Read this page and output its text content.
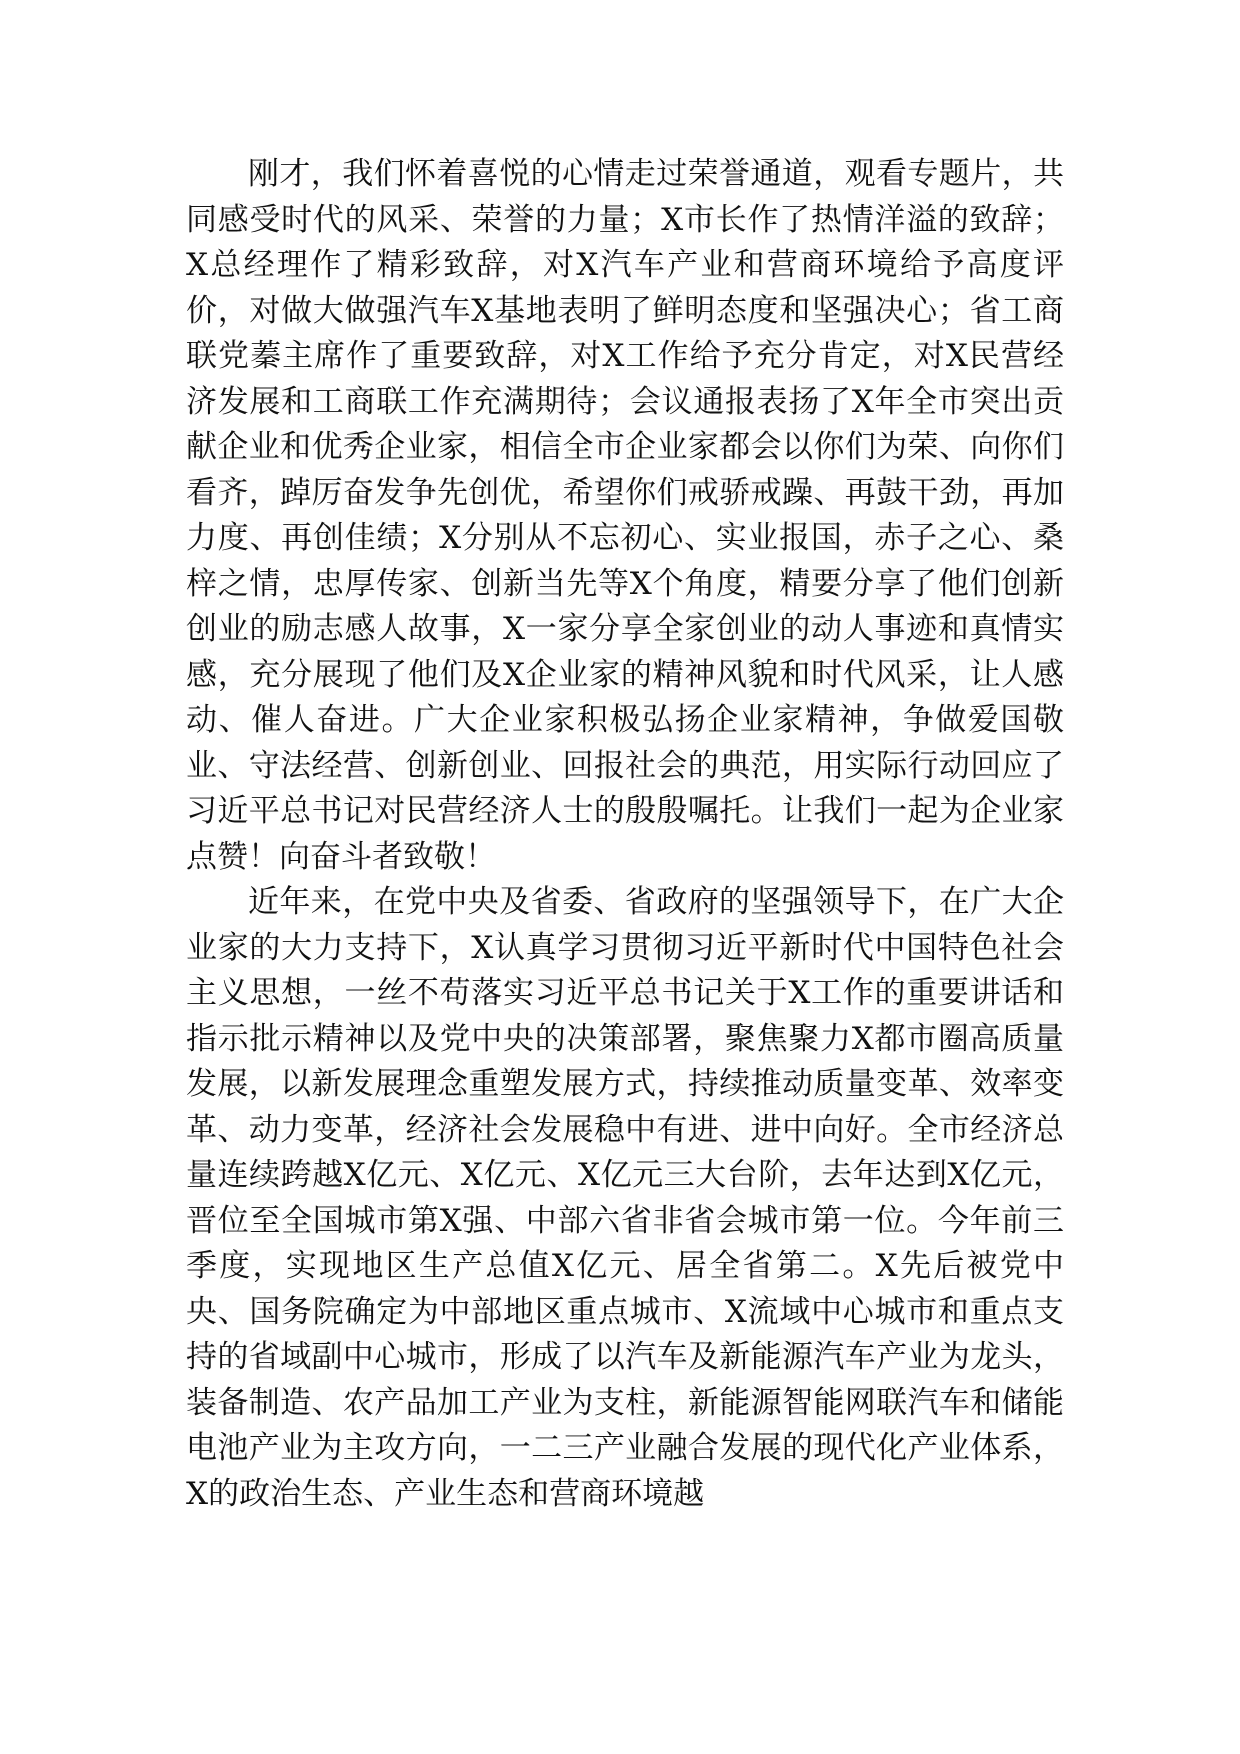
刚才，我们怀着喜悦的心情走过荣誉通道，观看专题片，共同感受时代的风采、荣誉的力量；X市长作了热情洋溢的致辞；X总经理作了精彩致辞，对X汽车产业和营商环境给予高度评价，对做大做强汽车X基地表明了鲜明态度和坚强决心；省工商联党蓁主席作了重要致辞，对X工作给予充分肯定，对X民营经济发展和工商联工作充满期待；会议通报表扬了X年全市突出贡献企业和优秀企业家，相信全市企业家都会以你们为荣、向你们看齐，踔厉奋发争先创优，希望你们戒骄戒躁、再鼓干劲，再加力度、再创佳绩；X分别从不忘初心、实业报国，赤子之心、桑梓之情，忠厚传家、创新当先等X个角度，精要分享了他们创新创业的励志感人故事，X一家分享全家创业的动人事迹和真情实感，充分展现了他们及X企业家的精神风貌和时代风采，让人感动、催人奋进。广大企业家积极弘扬企业家精神，争做爱国敬业、守法经营、创新创业、回报社会的典范，用实际行动回应了习近平总书记对民营经济人士的殷殷嘱托。让我们一起为企业家点赞！向奋斗者致敬！

近年来，在党中央及省委、省政府的坚强领导下，在广大企业家的大力支持下，X认真学习贯彻习近平新时代中国特色社会主义思想，一丝不苟落实习近平总书记关于X工作的重要讲话和指示批示精神以及党中央的决策部署，聚焦聚力X都市圈高质量发展，以新发展理念重塑发展方式，持续推动质量变革、效率变革、动力变革，经济社会发展稳中有进、进中向好。全市经济总量连续跨越X亿元、X亿元、X亿元三大台阶，去年达到X亿元，晋位至全国城市第X强、中部六省非省会城市第一位。今年前三季度，实现地区生产总值X亿元、居全省第二。X先后被党中央、国务院确定为中部地区重点城市、X流域中心城市和重点支持的省域副中心城市，形成了以汽车及新能源汽车产业为龙头，装备制造、农产品加工产业为支柱，新能源智能网联汽车和储能电池产业为主攻方向，一二三产业融合发展的现代化产业体系，X的政治生态、产业生态和营商环境越
